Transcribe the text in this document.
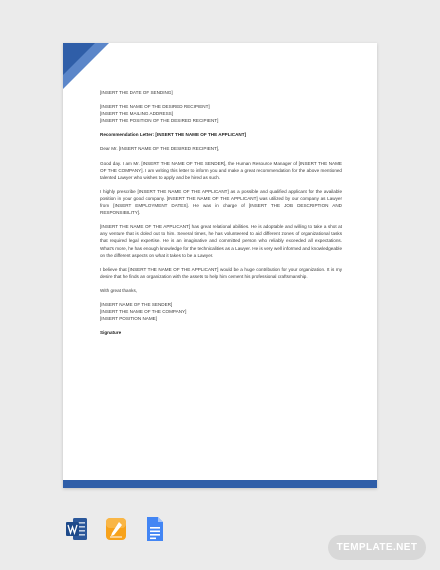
[INSERT THE DATE OF SENDING]

[INSERT THE NAME OF THE DESIRED RECIPIENT]

[INSERT THE MAILING ADDRESS]

[INSERT THE POSITION OF THE DESIRED RECIPIENT]

Recommendation Letter: [INSERT THE NAME OF THE APPLICANT]

Dear Mr. [INSERT NAME OF THE DESIRED RECIPIENT],

Good day. I am Mr. [INSERT THE NAME OF THE SENDER], the Human Resource Manager of [INSERT THE NAME OF THE COMPANY]. I am writing this letter to inform you and make a great recommendation for the above mentioned talented Lawyer who wishes to apply and be hired as such.

I highly prescribe [INSERT THE NAME OF THE APPLICANT] as a possible and qualified applicant for the available position in your good company. [INSERT THE NAME OF THE APPLICANT] was utilized by our company as Lawyer from [INSERT EMPLOYMENT DATES]. He was in charge of [INSERT THE JOB DESCRIPTION AND RESPONSIBILITY].

[INSERT THE NAME OF THE APPLICANT] has great relational abilities. He is adoptable and willing to take a shot at any venture that is doled out to him. Several times, he has volunteered to aid different zones of organizational tasks that required legal expertise. He is an imaginative and committed person who reliably exceeded all expectations. What's more, he has enough knowledge for the technicalities as a Lawyer. He is very well informed and knowledgeable on the different aspects on what it takes to be a Lawyer.

I believe that [INSERT THE NAME OF THE APPLICANT] would be a huge contribution for your organization. It is my desire that he finds an organization with the assets to help him cement his professional craftsmanship.

With great thanks,

[INSERT NAME OF THE SENDER]

[INSERT THE NAME OF THE COMPANY]

[INSERT POSITION NAME]

Signature

TEMPLATE.NET
